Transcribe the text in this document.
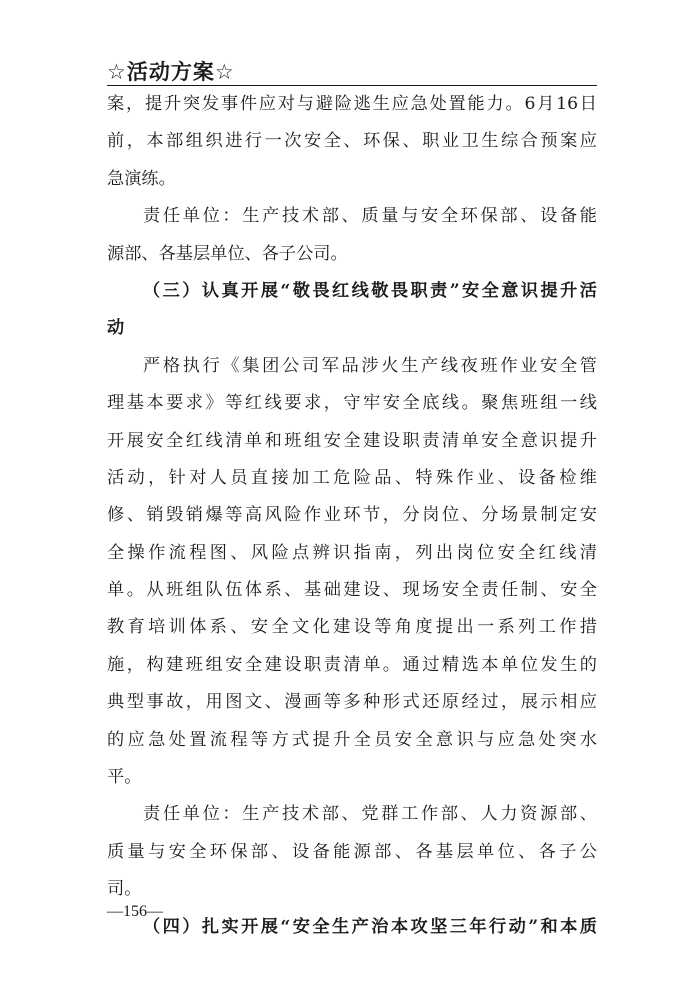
☆活动方案☆
案，提升突发事件应对与避险逃生应急处置能力。6月16日
前，本部组织进行一次安全、环保、职业卫生综合预案应
急演练。
责任单位：生产技术部、质量与安全环保部、设备能
源部、各基层单位、各子公司。
（三）认真开展“敬畏红线敬畏职责”安全意识提升活
动
严格执行《集团公司军品涉火生产线夜班作业安全管
理基本要求》等红线要求，守牢安全底线。聚焦班组一线
开展安全红线清单和班组安全建设职责清单安全意识提升
活动，针对人员直接加工危险品、特殊作业、设备检维
修、销毁销爆等高风险作业环节，分岗位、分场景制定安
全操作流程图、风险点辨识指南，列出岗位安全红线清
单。从班组队伍体系、基础建设、现场安全责任制、安全
教育培训体系、安全文化建设等角度提出一系列工作措
施，构建班组安全建设职责清单。通过精选本单位发生的
典型事故，用图文、漫画等多种形式还原经过，展示相应
的应急处置流程等方式提升全员安全意识与应急处突水
平。
责任单位：生产技术部、党群工作部、人力资源部、
质量与安全环保部、设备能源部、各基层单位、各子公
司。
（四）扎实开展“安全生产治本攻坚三年行动”和本质
—156—
